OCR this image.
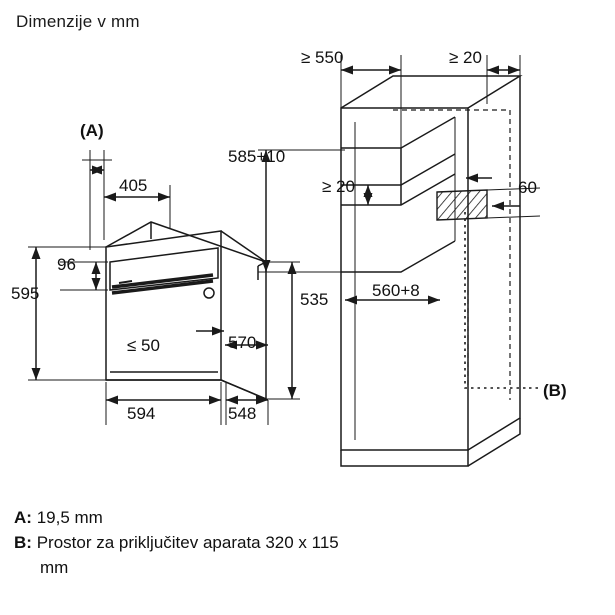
Dimenzije v mm
(A)
405
96
595
≤ 50	570
594	548
≥ 550	≥ 20
585+10
≥ 20	60
535	560+8
(B)
A: 19,5 mm
B: Prostor za priključitev aparata 320 x 115
mm
